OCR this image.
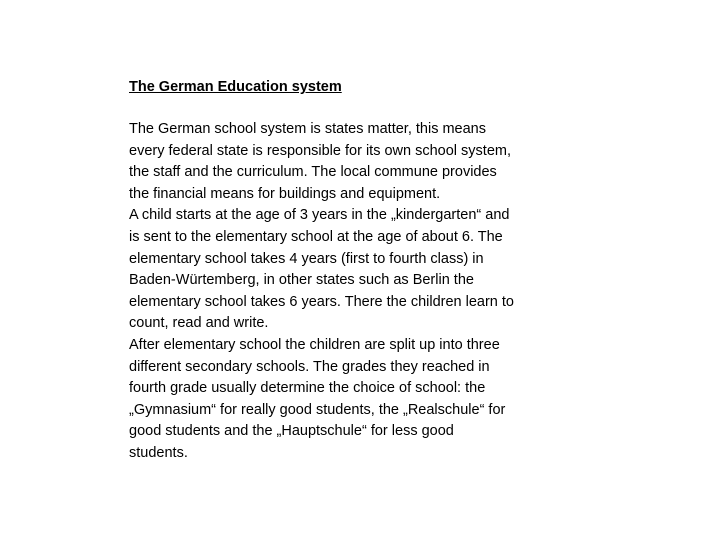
The German Education system
The German school system is states matter, this means
every federal state is responsible for its own school system,
the staff and the curriculum. The local commune provides
the financial means for buildings and equipment.
A child starts at the age of 3 years in the „kindergarten“ and
is sent to the elementary school at the age of about 6. The
elementary school takes 4 years (first to fourth class) in
Baden-Würtemberg, in other states such as Berlin the
elementary school takes 6 years. There the children learn to
count, read and write.
After elementary school the children are split up into three
different secondary schools. The grades they reached in
fourth grade usually determine the choice of school: the
„Gymnasium“ for really good students, the „Realschule“ for
good students and the „Hauptschule“ for less good
students.
